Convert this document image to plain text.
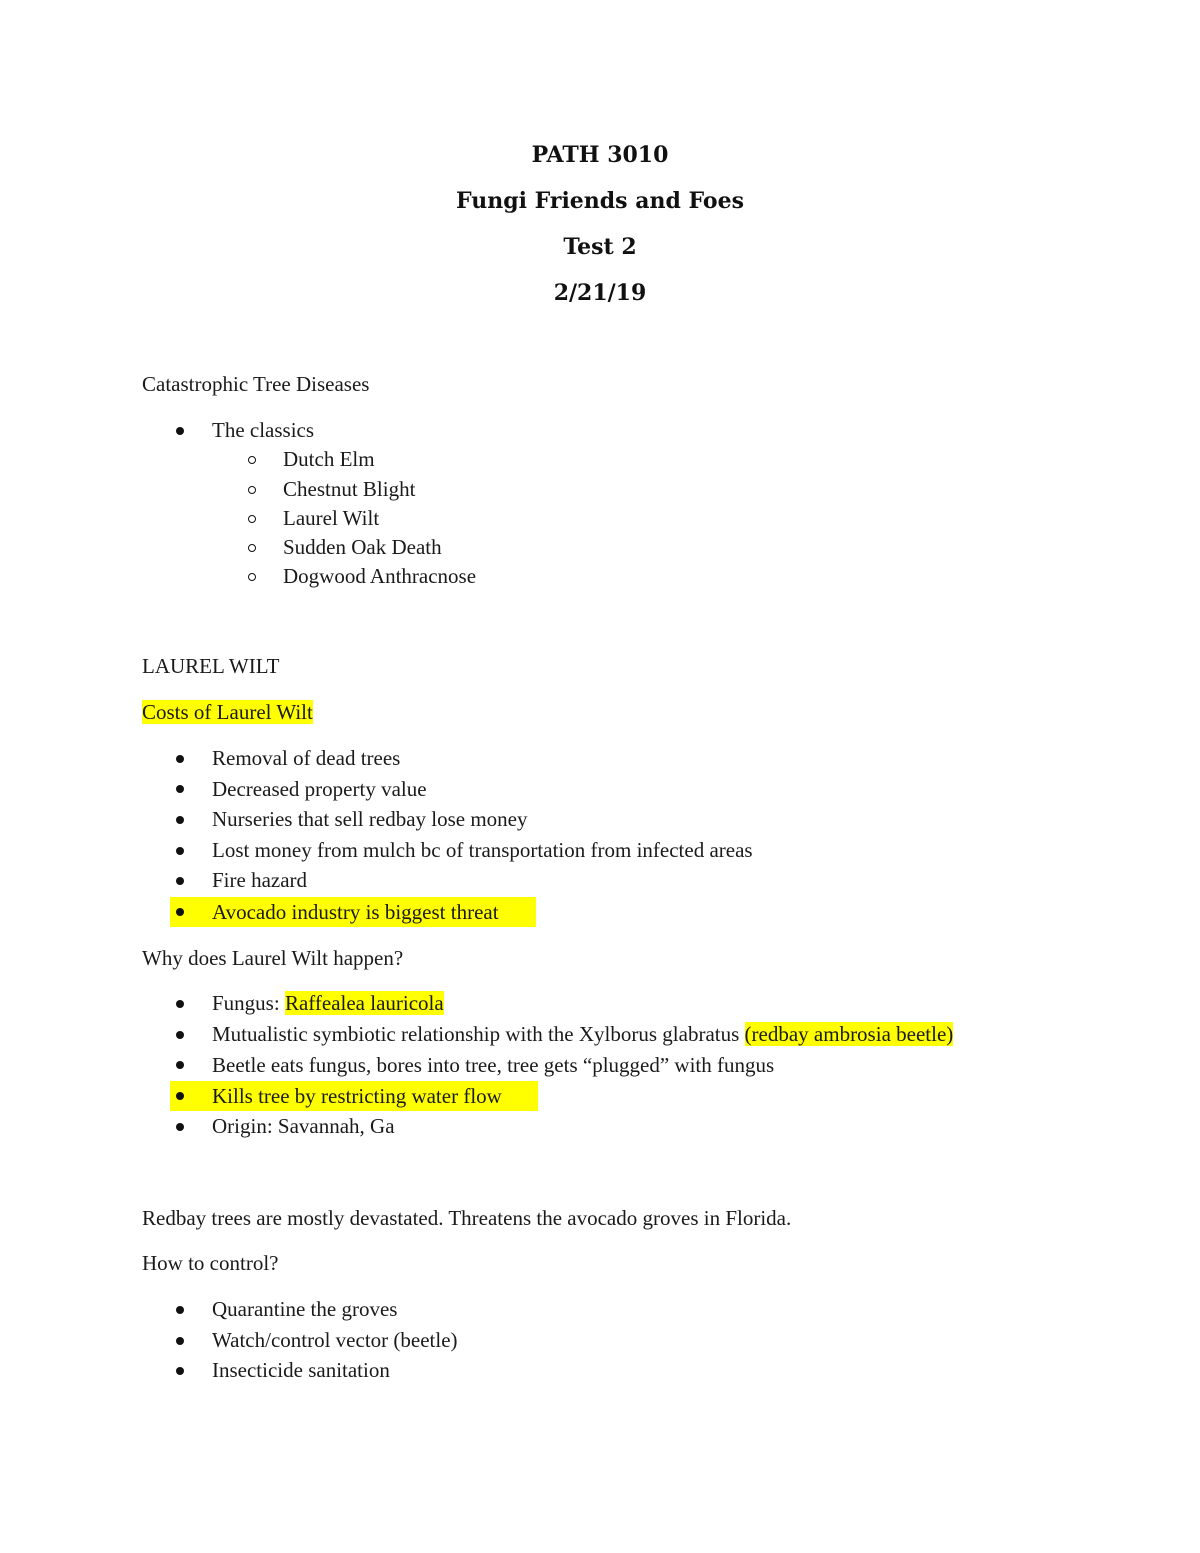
PATH 3010
Fungi Friends and Foes
Test 2
2/21/19
Catastrophic Tree Diseases
The classics
Dutch Elm
Chestnut Blight
Laurel Wilt
Sudden Oak Death
Dogwood Anthracnose
LAUREL WILT
Costs of Laurel Wilt
Removal of dead trees
Decreased property value
Nurseries that sell redbay lose money
Lost money from mulch bc of transportation from infected areas
Fire hazard
Avocado industry is biggest threat
Why does Laurel Wilt happen?
Fungus: Raffealea lauricola
Mutualistic symbiotic relationship with the Xylborus glabratus (redbay ambrosia beetle)
Beetle eats fungus, bores into tree, tree gets “plugged” with fungus
Kills tree by restricting water flow
Origin: Savannah, Ga
Redbay trees are mostly devastated. Threatens the avocado groves in Florida.
How to control?
Quarantine the groves
Watch/control vector (beetle)
Insecticide sanitation
